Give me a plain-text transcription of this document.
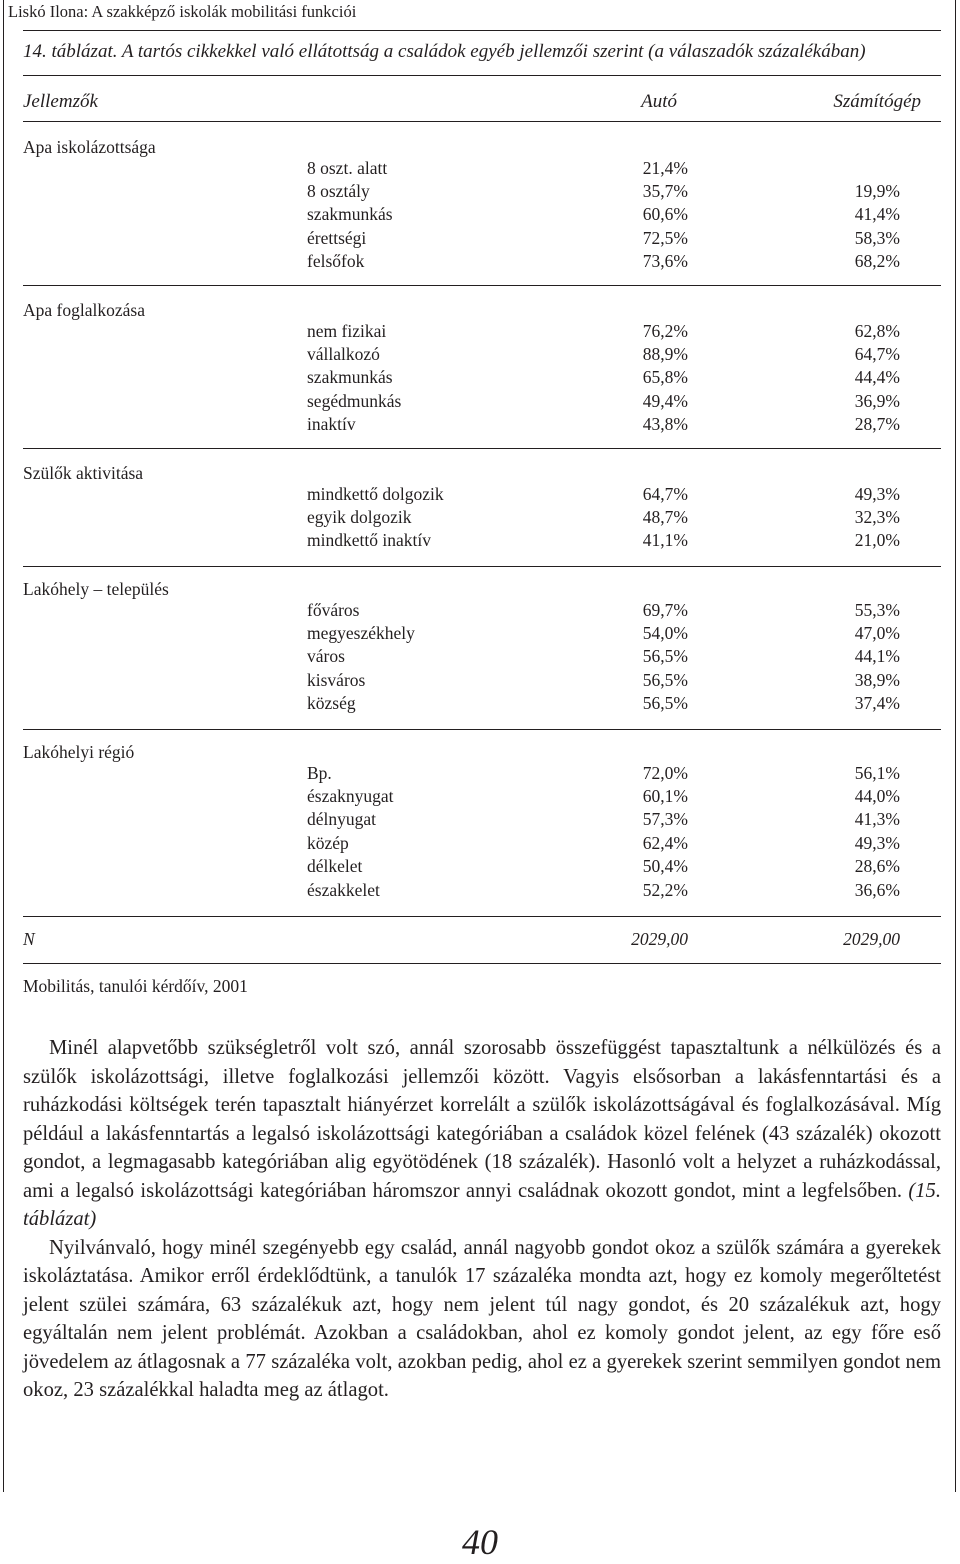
Liskó Ilona: A szakképző iskolák mobilitási funkciói
14. táblázat. A tartós cikkekkel való ellátottság a családok egyéb jellemzői szerint (a válaszadók százalékában)
Jellemzők	Autó	Számítógép
Apa iskolázottsága
8 oszt. alatt	21,4%
8 osztály	35,7%	19,9%
szakmunkás	60,6%	41,4%
érettségi	72,5%	58,3%
felsőfok	73,6%	68,2%
Apa foglalkozása
nem fizikai	76,2%	62,8%
vállalkozó	88,9%	64,7%
szakmunkás	65,8%	44,4%
segédmunkás	49,4%	36,9%
inaktív	43,8%	28,7%
Szülők aktivitása
mindkettő dolgozik	64,7%	49,3%
egyik dolgozik	48,7%	32,3%
mindkettő inaktív	41,1%	21,0%
Lakóhely – település
főváros	69,7%	55,3%
megyeszékhely	54,0%	47,0%
város	56,5%	44,1%
kisváros	56,5%	38,9%
község	56,5%	37,4%
Lakóhelyi régió
Bp.	72,0%	56,1%
északnyugat	60,1%	44,0%
délnyugat	57,3%	41,3%
közép	62,4%	49,3%
délkelet	50,4%	28,6%
északkelet	52,2%	36,6%
N	2029,00	2029,00
Mobilitás, tanulói kérdőív, 2001

Minél alapvetőbb szükségletről volt szó, annál szorosabb összefüggést tapasztaltunk a nélkülözés és a szülők iskolázottsági, illetve foglalkozási jellemzői között. Vagyis elsősorban a lakásfenntartási és a ruházkodási költségek terén tapasztalt hiányérzet korrelált a szülők iskolázottságával és foglalkozásával. Míg például a lakásfenntartás a legalsó iskolázottsági kategóriában a családok közel felének (43 százalék) okozott gondot, a legmagasabb kategóriában alig egyötödének (18 százalék). Hasonló volt a helyzet a ruházkodással, ami a legalsó iskolázottsági kategóriában háromszor annyi családnak okozott gondot, mint a legfelsőben. (15. táblázat)

Nyilvánvaló, hogy minél szegényebb egy család, annál nagyobb gondot okoz a szülők számára a gyerekek iskoláztatása. Amikor erről érdeklődtünk, a tanulók 17 százaléka mondta azt, hogy ez komoly megerőltetést jelent szülei számára, 63 százalékuk azt, hogy nem jelent túl nagy gondot, és 20 százalékuk azt, hogy egyáltalán nem jelent problémát. Azokban a családokban, ahol ez komoly gondot jelent, az egy főre eső jövedelem az átlagosnak a 77 százaléka volt, azokban pedig, ahol ez a gyerekek szerint semmilyen gondot nem okoz, 23 százalékkal haladta meg az átlagot.

40
